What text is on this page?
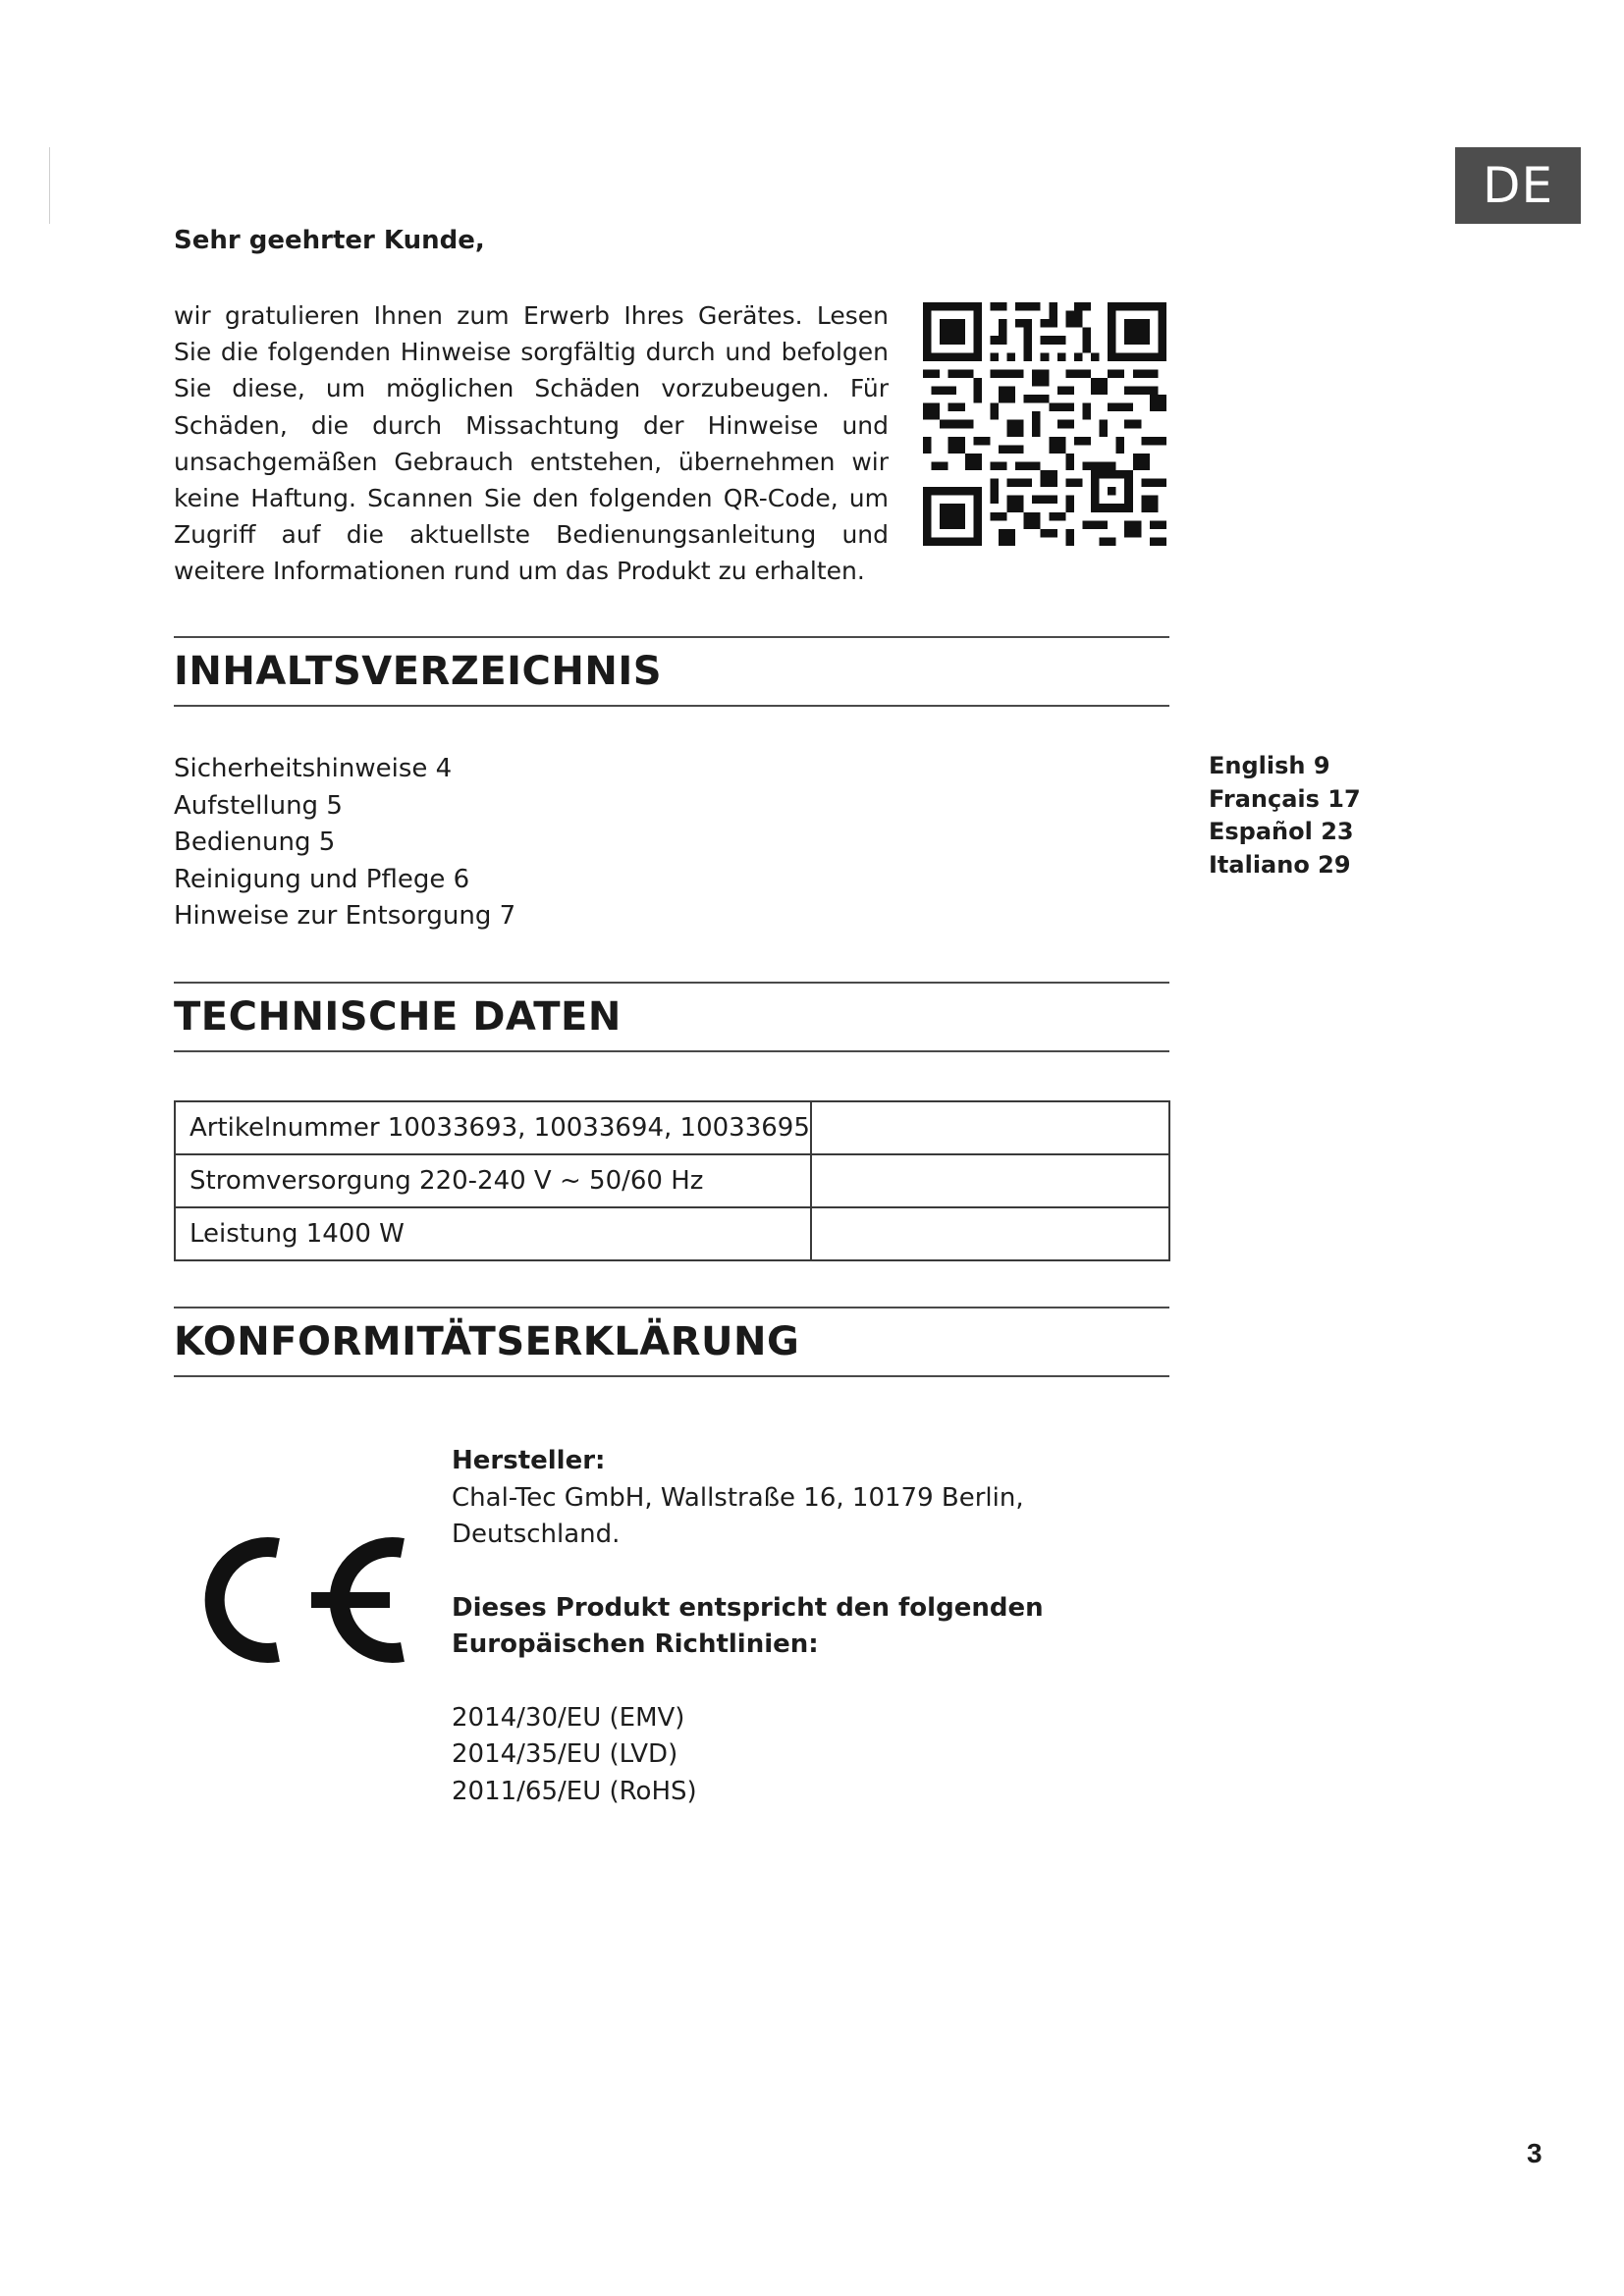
DE
Sehr geehrter Kunde,

wir gratulieren Ihnen zum Erwerb Ihres Gerätes. Lesen Sie die folgenden Hinweise sorgfältig durch und befolgen Sie diese, um möglichen Schäden vorzubeugen. Für Schäden, die durch Missachtung der Hinweise und unsachgemäßen Gebrauch entstehen, übernehmen wir keine Haftung. Scannen Sie den folgenden QR-Code, um Zugriff auf die aktuellste Bedienungsanleitung und weitere Informationen rund um das Produkt zu erhalten.

INHALTSVERZEICHNIS
Sicherheitshinweise 4
Aufstellung 5
Bedienung 5
Reinigung und Pflege 6
Hinweise zur Entsorgung 7
English 9
Français 17
Español 23
Italiano 29
TECHNISCHE DATEN
Artikelnummer 10033693, 10033694, 10033695	
Stromversorgung 220-240 V ~ 50/60 Hz	
Leistung 1400 W	
KONFORMITÄTSERKLÄRUNG

Hersteller:

Chal-Tec GmbH, Wallstraße 16, 10179 Berlin, Deutschland.

Dieses Produkt entspricht den folgenden Europäischen Richtlinien:

2014/30/EU (EMV)

2014/35/EU (LVD)

2011/65/EU (RoHS)

3
